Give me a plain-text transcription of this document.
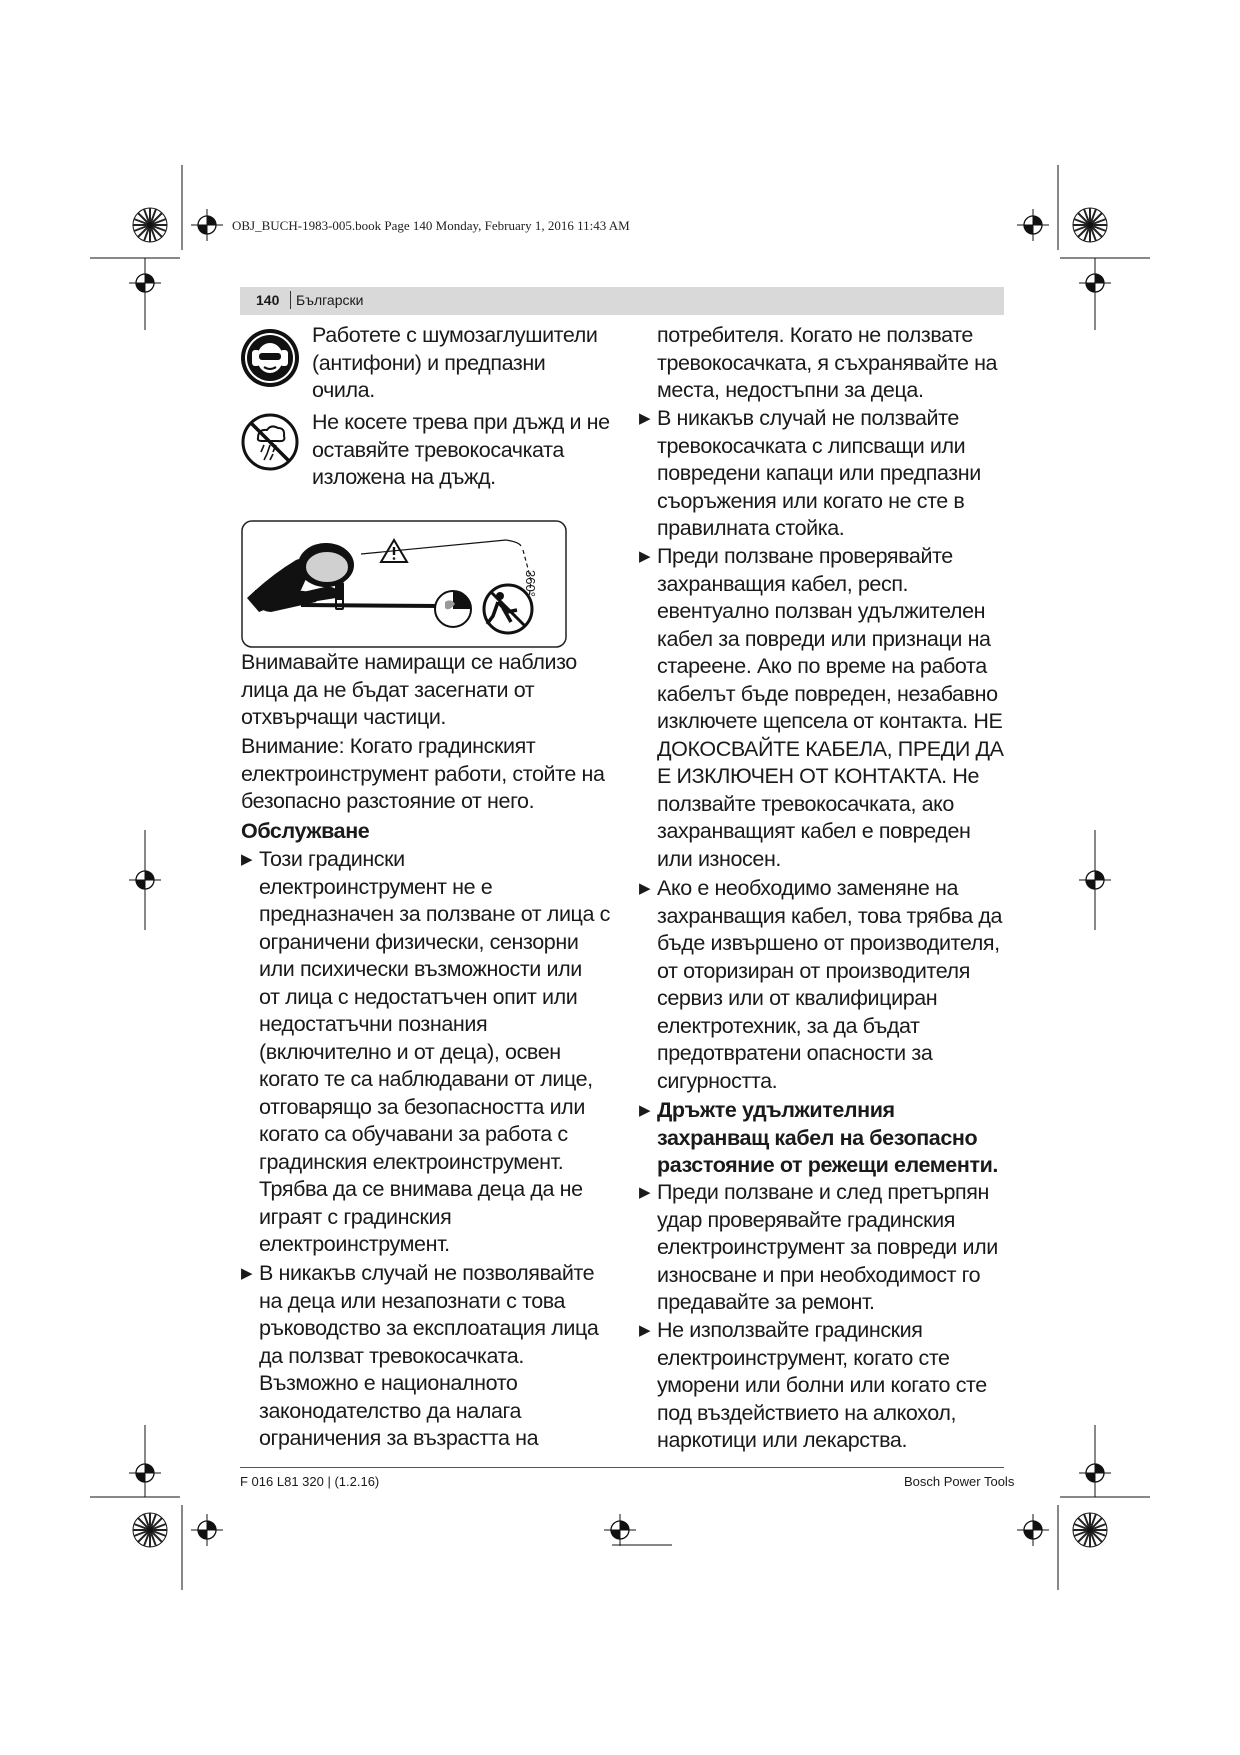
OBJ_BUCH-1983-005.book Page 140 Monday, February 1, 2016 11:43 AM
140 Български
Работете с шумозаглушители
(антифони) и предпазни
очила.
Не косете трева при дъжд и не
оставяйте тревокосачката
изложена на дъжд.
360°
Внимавайте намиращи се наблизо
лица да не бъдат засегнати от
отхвърчащи частици.
Внимание: Когато градинският
електроинструмент работи, стойте на
безопасно разстояние от него.
Обслужване
▶ Този градински
електроинструмент не е
предназначен за ползване от лица с
ограничени физически, сензорни
или психически възможности или
от лица с недостатъчен опит или
недостатъчни познания
(включително и от деца), освен
когато те са наблюдавани от лице,
отговарящо за безопасността или
когато са обучавани за работа с
градинския електроинструмент.
Трябва да се внимава деца да не
играят с градинския
електроинструмент.
▶ В никакъв случай не позволявайте
на деца или незапознати с това
ръководство за експлоатация лица
да ползват тревокосачката.
Възможно е националното
законодателство да налага
ограничения за възрастта на
потребителя. Когато не ползвате
тревокосачката, я съхранявайте на
места, недостъпни за деца.
▶ В никакъв случай не ползвайте
тревокосачката с липсващи или
повредени капаци или предпазни
съоръжения или когато не сте в
правилната стойка.
▶ Преди ползване проверявайте
захранващия кабел, респ.
евентуално ползван удължителен
кабел за повреди или признаци на
стареене. Ако по време на работа
кабелът бъде повреден, незабавно
изключете щепсела от контакта. НЕ
ДОКОСВАЙТЕ КАБЕЛА, ПРЕДИ ДА
Е ИЗКЛЮЧЕН ОТ КОНТАКТА. Не
ползвайте тревокосачката, ако
захранващият кабел е повреден
или износен.
▶ Ако е необходимо заменяне на
захранващия кабел, това трябва да
бъде извършено от производителя,
от оторизиран от производителя
сервиз или от квалифициран
електротехник, за да бъдат
предотвратени опасности за
сигурността.
▶ Дръжте удължителния
захранващ кабел на безопасно
разстояние от режещи елементи.
▶ Преди ползване и след претърпян
удар проверявайте градинския
електроинструмент за повреди или
износване и при необходимост го
предавайте за ремонт.
▶ Не използвайте градинския
електроинструмент, когато сте
уморени или болни или когато сте
под въздействието на алкохол,
наркотици или лекарства.
F 016 L81 320 | (1.2.16)	Bosch Power Tools
